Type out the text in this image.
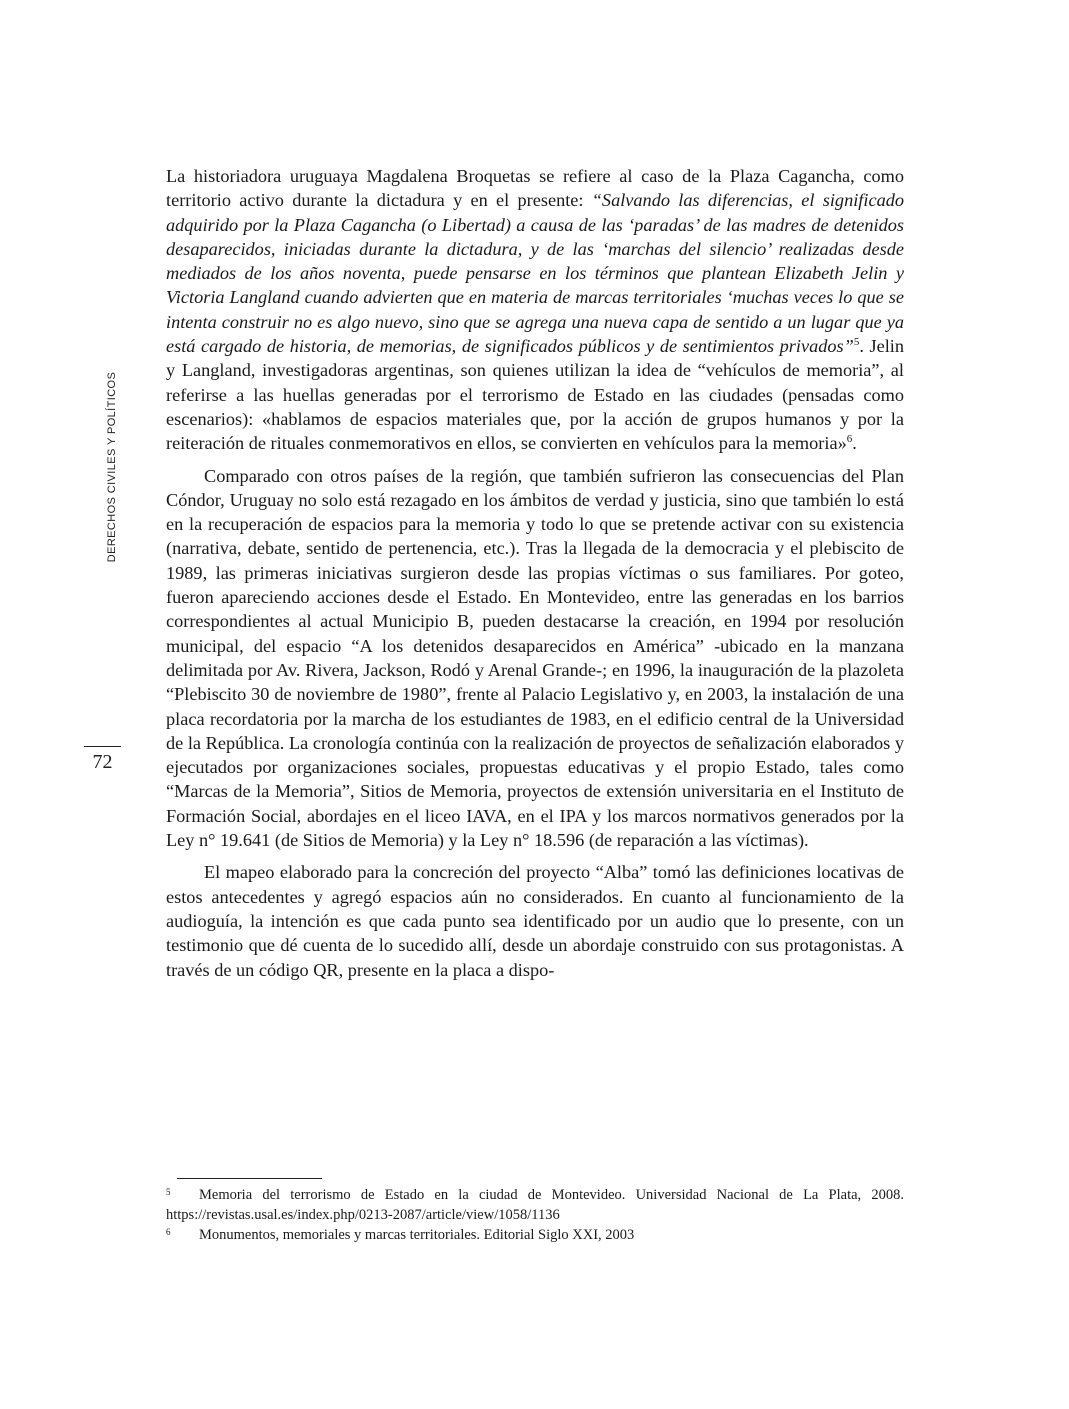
DERECHOS CIVILES Y POLÍTICOS
72

La historiadora uruguaya Magdalena Broquetas se refiere al caso de la Plaza Cagancha, como territorio activo durante la dictadura y en el presente: “Salvando las diferencias, el significado adquirido por la Plaza Cagancha (o Libertad) a causa de las ‘paradas’ de las madres de detenidos desaparecidos, iniciadas durante la dictadura, y de las ‘marchas del silencio’ realizadas desde mediados de los años noventa, puede pensarse en los términos que plantean Elizabeth Jelin y Victoria Langland cuando advierten que en materia de marcas territoriales ‘muchas veces lo que se intenta construir no es algo nuevo, sino que se agrega una nueva capa de sentido a un lugar que ya está cargado de historia, de memorias, de significados públicos y de sentimientos privados”$^5$. Jelin y Langland, investigadoras argentinas, son quienes utilizan la idea de “vehículos de memoria”, al referirse a las huellas generadas por el terrorismo de Estado en las ciudades (pensadas como escenarios): «hablamos de espacios materiales que, por la acción de grupos humanos y por la reiteración de rituales conmemorativos en ellos, se convierten en vehículos para la memoria»$^6$.

Comparado con otros países de la región, que también sufrieron las consecuencias del Plan Cóndor, Uruguay no solo está rezagado en los ámbitos de verdad y justicia, sino que también lo está en la recuperación de espacios para la memoria y todo lo que se pretende activar con su existencia (narrativa, debate, sentido de pertenencia, etc.). Tras la llegada de la democracia y el plebiscito de 1989, las primeras iniciativas surgieron desde las propias víctimas o sus familiares. Por goteo, fueron apareciendo acciones desde el Estado. En Montevideo, entre las generadas en los barrios correspondientes al actual Municipio B, pueden destacarse la creación, en 1994 por resolución municipal, del espacio “A los detenidos desaparecidos en América” -ubicado en la manzana delimitada por Av. Rivera, Jackson, Rodó y Arenal Grande-; en 1996, la inauguración de la plazoleta “Plebiscito 30 de noviembre de 1980”, frente al Palacio Legislativo y, en 2003, la instalación de una placa recordatoria por la marcha de los estudiantes de 1983, en el edificio central de la Universidad de la República. La cronología continúa con la realización de proyectos de señalización elaborados y ejecutados por organizaciones sociales, propuestas educativas y el propio Estado, tales como “Marcas de la Memoria”, Sitios de Memoria, proyectos de extensión universitaria en el Instituto de Formación Social, abordajes en el liceo IAVA, en el IPA y los marcos normativos generados por la Ley n° 19.641 (de Sitios de Memoria) y la Ley n° 18.596 (de reparación a las víctimas).

El mapeo elaborado para la concreción del proyecto “Alba” tomó las definiciones locativas de estos antecedentes y agregó espacios aún no considerados. En cuanto al funcionamiento de la audioguía, la intención es que cada punto sea identificado por un audio que lo presente, con un testimonio que dé cuenta de lo sucedido allí, desde un abordaje construido con sus protagonistas. A través de un código QR, presente en la placa a dispo-

5 Memoria del terrorismo de Estado en la ciudad de Montevideo. Universidad Nacional de La Plata, 2008. https://revistas.usal.es/index.php/0213-2087/article/view/1058/1136

6 Monumentos, memoriales y marcas territoriales. Editorial Siglo XXI, 2003
